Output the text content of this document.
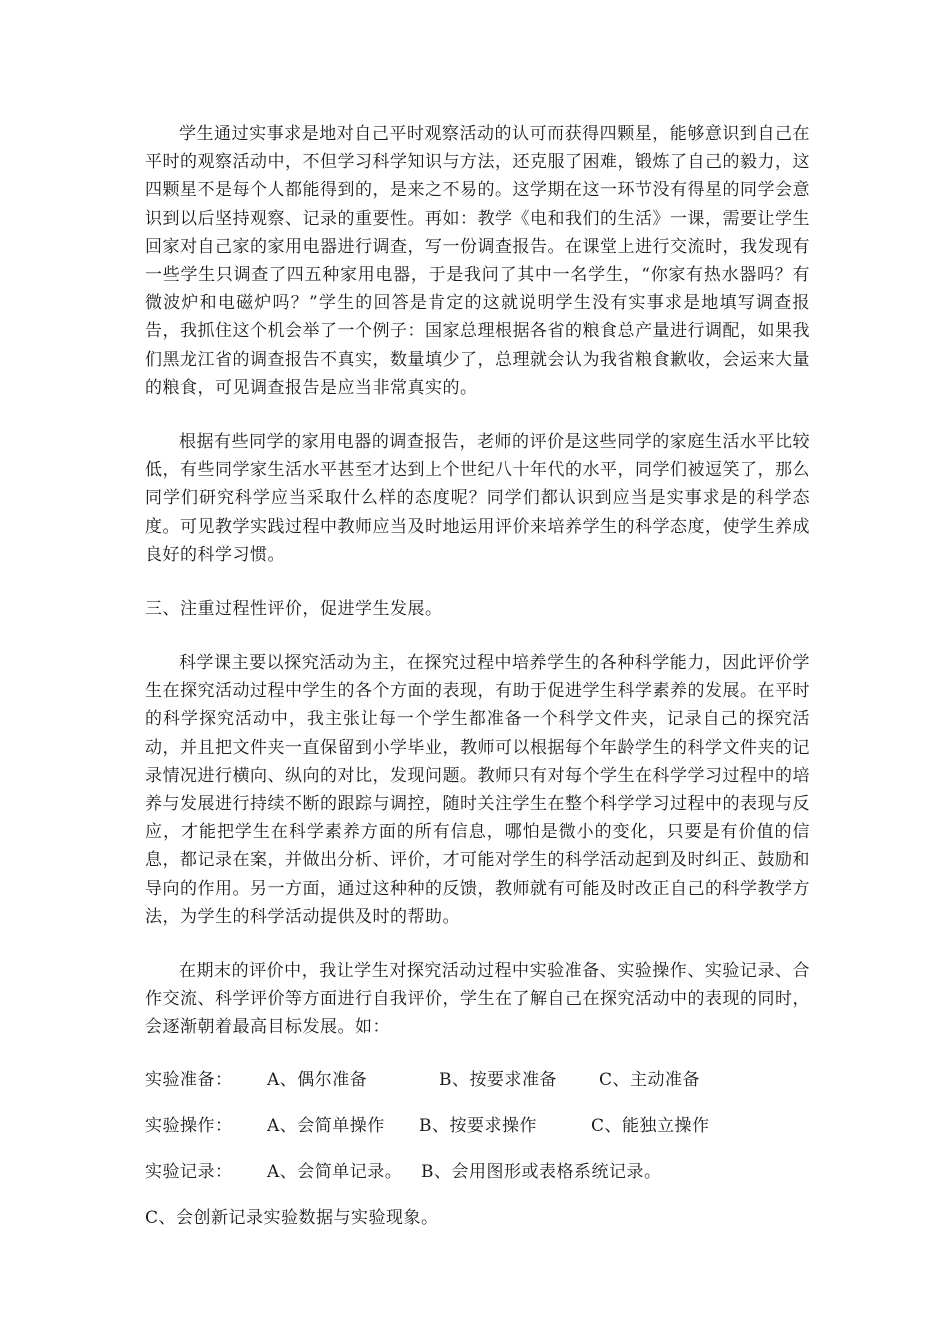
学生通过实事求是地对自己平时观察活动的认可而获得四颗星，能够意识到自己在平时的观察活动中，不但学习科学知识与方法，还克服了困难，锻炼了自己的毅力，这四颗星不是每个人都能得到的，是来之不易的。这学期在这一环节没有得星的同学会意识到以后坚持观察、记录的重要性。再如：教学《电和我们的生活》一课，需要让学生回家对自己家的家用电器进行调查，写一份调查报告。在课堂上进行交流时，我发现有一些学生只调查了四五种家用电器，于是我问了其中一名学生，“你家有热水器吗？有微波炉和电磁炉吗？”学生的回答是肯定的这就说明学生没有实事求是地填写调查报告，我抓住这个机会举了一个例子：国家总理根据各省的粮食总产量进行调配，如果我们黑龙江省的调查报告不真实，数量填少了，总理就会认为我省粮食歉收，会运来大量的粮食，可见调查报告是应当非常真实的。

根据有些同学的家用电器的调查报告，老师的评价是这些同学的家庭生活水平比较低，有些同学家生活水平甚至才达到上个世纪八十年代的水平，同学们被逗笑了，那么同学们研究科学应当采取什么样的态度呢？同学们都认识到应当是实事求是的科学态度。可见教学实践过程中教师应当及时地运用评价来培养学生的科学态度，使学生养成良好的科学习惯。

三、注重过程性评价，促进学生发展。

科学课主要以探究活动为主，在探究过程中培养学生的各种科学能力，因此评价学生在探究活动过程中学生的各个方面的表现，有助于促进学生科学素养的发展。在平时的科学探究活动中，我主张让每一个学生都准备一个科学文件夹，记录自己的探究活动，并且把文件夹一直保留到小学毕业，教师可以根据每个年龄学生的科学文件夹的记录情况进行横向、纵向的对比，发现问题。教师只有对每个学生在科学学习过程中的培养与发展进行持续不断的跟踪与调控，随时关注学生在整个科学学习过程中的表现与反应，才能把学生在科学素养方面的所有信息，哪怕是微小的变化，只要是有价值的信息，都记录在案，并做出分析、评价，才可能对学生的科学活动起到及时纠正、鼓励和导向的作用。另一方面，通过这种种的反馈，教师就有可能及时改正自己的科学教学方法，为学生的科学活动提供及时的帮助。

在期末的评价中，我让学生对探究活动过程中实验准备、实验操作、实验记录、合作交流、科学评价等方面进行自我评价，学生在了解自己在探究活动中的表现的同时，会逐渐朝着最高目标发展。如：

实验准备： A、偶尔准备	B、按要求准备 C、主动准备
实验操作： A、会简单操作 B、按要求操作	C、能独立操作
实验记录： A、会简单记录。 B、会用图形或表格系统记录。
C、会创新记录实验数据与实验现象。
